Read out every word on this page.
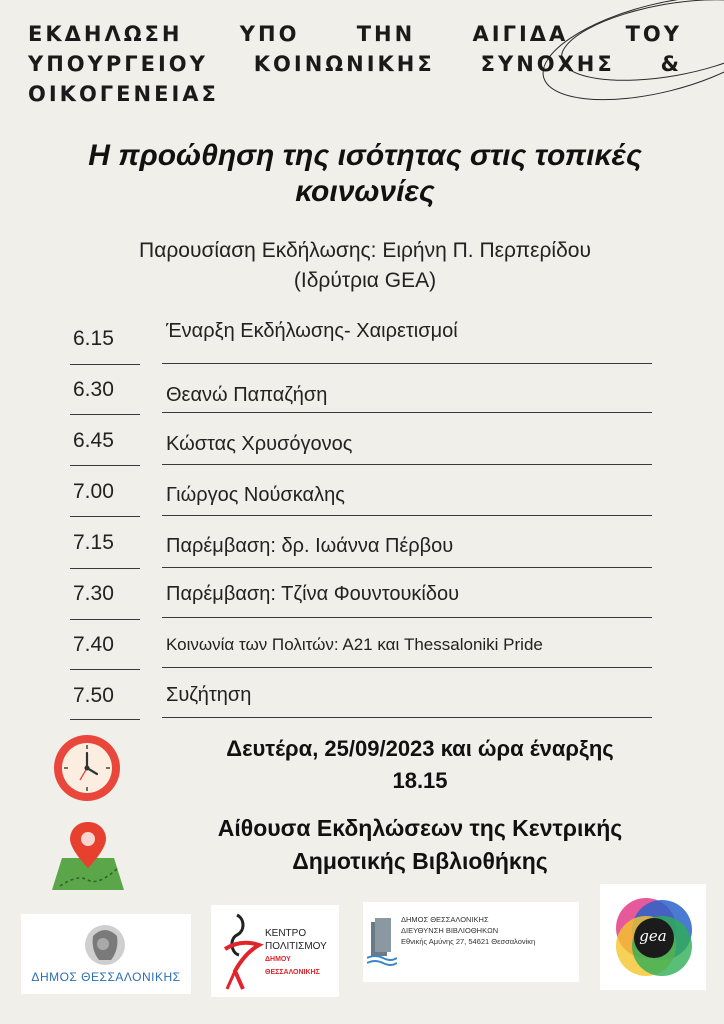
ΕΚΔΗΛΩΣΗ	ΥΠΟ	ΤΗΝ	ΑΙΓΙΔΑ	ΤΟΥ
ΥΠΟΥΡΓΕΙΟΥ ΚΟΙΝΩΝΙΚΗΣ ΣΥΝΟΧΗΣ &
ΟΙΚΟΓΕΝΕΙΑΣ
Η προώθηση της ισότητας στις τοπικές
κοινωνίες
Παρουσίαση Εκδήλωσης: Ειρήνη Π. Περπερίδου
(Ιδρύτρια GEA)
6.15	Έναρξη Εκδήλωσης- Χαιρετισμοί
6.30	Θεανώ Παπαζήση
6.45	Κώστας Χρυσόγονος
7.00	Γιώργος Νούσκαλης
7.15	Παρέμβαση: δρ. Ιωάννα Πέρβου
7.30	Παρέμβαση: Τζίνα Φουντουκίδου
7.40	Κοινωνία των Πολιτών: Α21 και Thessaloniki Pride
7.50	Συζήτηση
Δευτέρα, 25/09/2023 και ώρα έναρξης
18.15
Αίθουσα Εκδηλώσεων της Κεντρικής
Δημοτικής Βιβλιοθήκης
ΔΗΜΟΣ ΘΕΣΣΑΛΟΝΙΚΗΣ
ΚΕΝΤΡΟ
ΠΟΛΙΤΙΣΜΟΥ
ΔΗΜΟΥ ΘΕΣΣΑΛΟΝΙΚΗΣ
ΔΗΜΟΣ ΘΕΣΣΑΛΟΝΙΚΗΣ
ΔΙΕΥΘΥΝΣΗ ΒΙΒΛΙΟΘΗΚΩΝ
Εθνικής Αμύνης 27, 54621 Θεσσαλονίκη	gea
